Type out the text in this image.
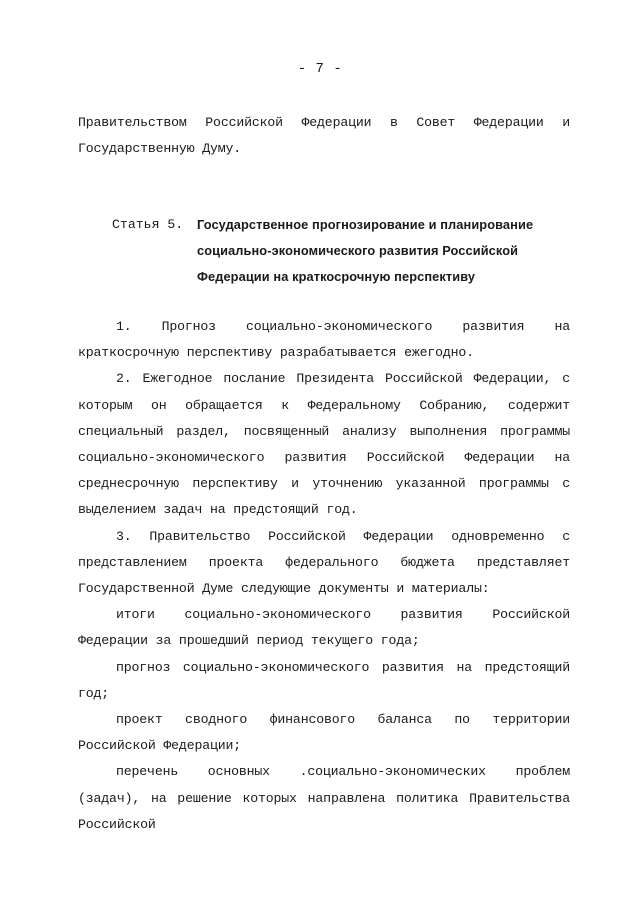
- 7 -

Правительством Российской Федерации в Совет Федерации и Государственную Думу.

Статья 5. Государственное прогнозирование и планирование социально-экономического развития Российской Федерации на краткосрочную перспективу

1. Прогноз социально-экономического развития на краткосрочную перспективу разрабатывается ежегодно.

2. Ежегодное послание Президента Российской Федерации, с которым он обращается к Федеральному Собранию, содержит специальный раздел, посвященный анализу выполнения программы социально-экономического развития Российской Федерации на среднесрочную перспективу и уточнению указанной программы с выделением задач на предстоящий год.

3. Правительство Российской Федерации одновременно с представлением проекта федерального бюджета представляет Государственной Думе следующие документы и материалы:

итоги социально-экономического развития Российской Федерации за прошедший период текущего года;

прогноз социально-экономического развития на предстоящий год;

проект сводного финансового баланса по территории Российской Федерации;

перечень основных .социально-экономических проблем (задач), на решение которых направлена политика Правительства Российской
